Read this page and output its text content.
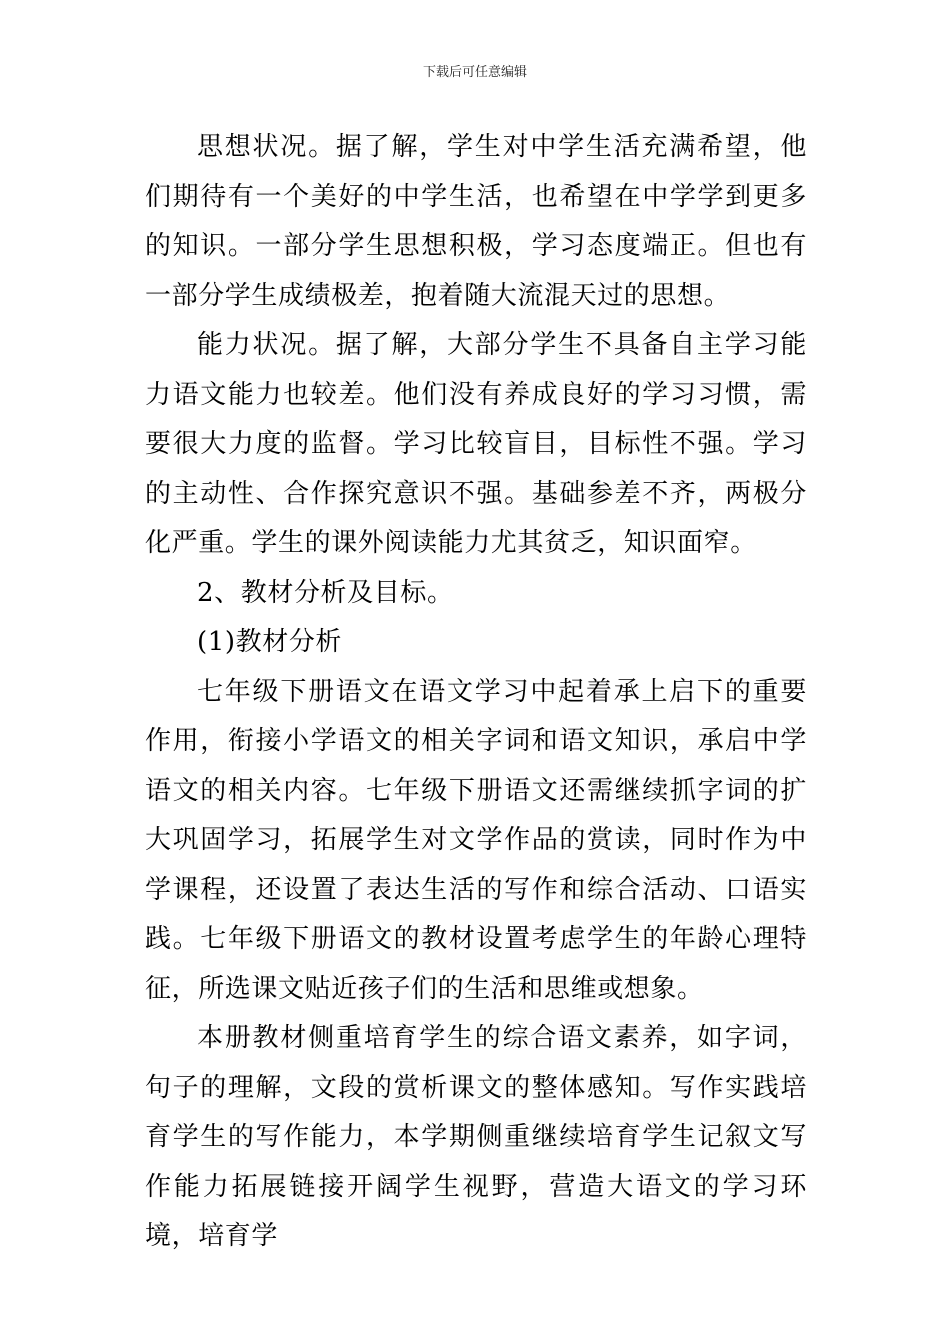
下载后可任意编辑

思想状况。据了解，学生对中学生活充满希望，他们期待有一个美好的中学生活，也希望在中学学到更多的知识。一部分学生思想积极，学习态度端正。但也有一部分学生成绩极差，抱着随大流混天过的思想。

能力状况。据了解，大部分学生不具备自主学习能力语文能力也较差。他们没有养成良好的学习习惯，需要很大力度的监督。学习比较盲目，目标性不强。学习的主动性、合作探究意识不强。基础参差不齐，两极分化严重。学生的课外阅读能力尤其贫乏，知识面窄。

2、教材分析及目标。

(1)教材分析

七年级下册语文在语文学习中起着承上启下的重要作用，衔接小学语文的相关字词和语文知识，承启中学语文的相关内容。七年级下册语文还需继续抓字词的扩大巩固学习，拓展学生对文学作品的赏读，同时作为中学课程，还设置了表达生活的写作和综合活动、口语实践。七年级下册语文的教材设置考虑学生的年龄心理特征，所选课文贴近孩子们的生活和思维或想象。

本册教材侧重培育学生的综合语文素养，如字词，句子的理解，文段的赏析课文的整体感知。写作实践培育学生的写作能力，本学期侧重继续培育学生记叙文写作能力拓展链接开阔学生视野，营造大语文的学习环境，培育学
